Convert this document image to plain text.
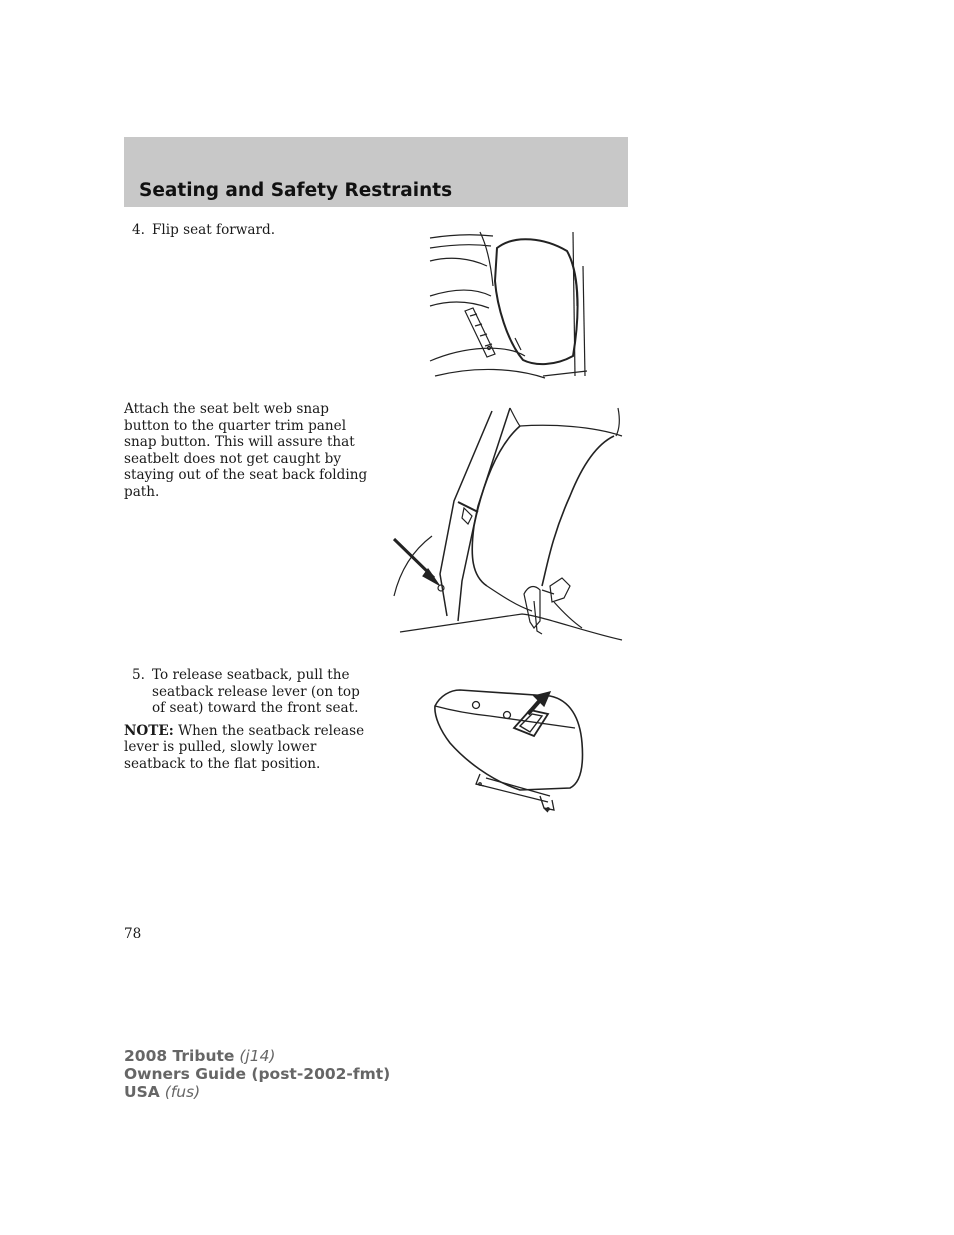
Seating and Safety Restraints

4. Flip seat forward.

Attach the seat belt web snap button to the quarter trim panel snap button. This will assure that seatbelt does not get caught by staying out of the seat back folding path.

5. To release seatback, pull the seatback release lever (on top of seat) toward the front seat.

NOTE: When the seatback release lever is pulled, slowly lower seatback to the flat position.

78
2008 Tribute (j14)
Owners Guide (post-2002-fmt)
USA (fus)
